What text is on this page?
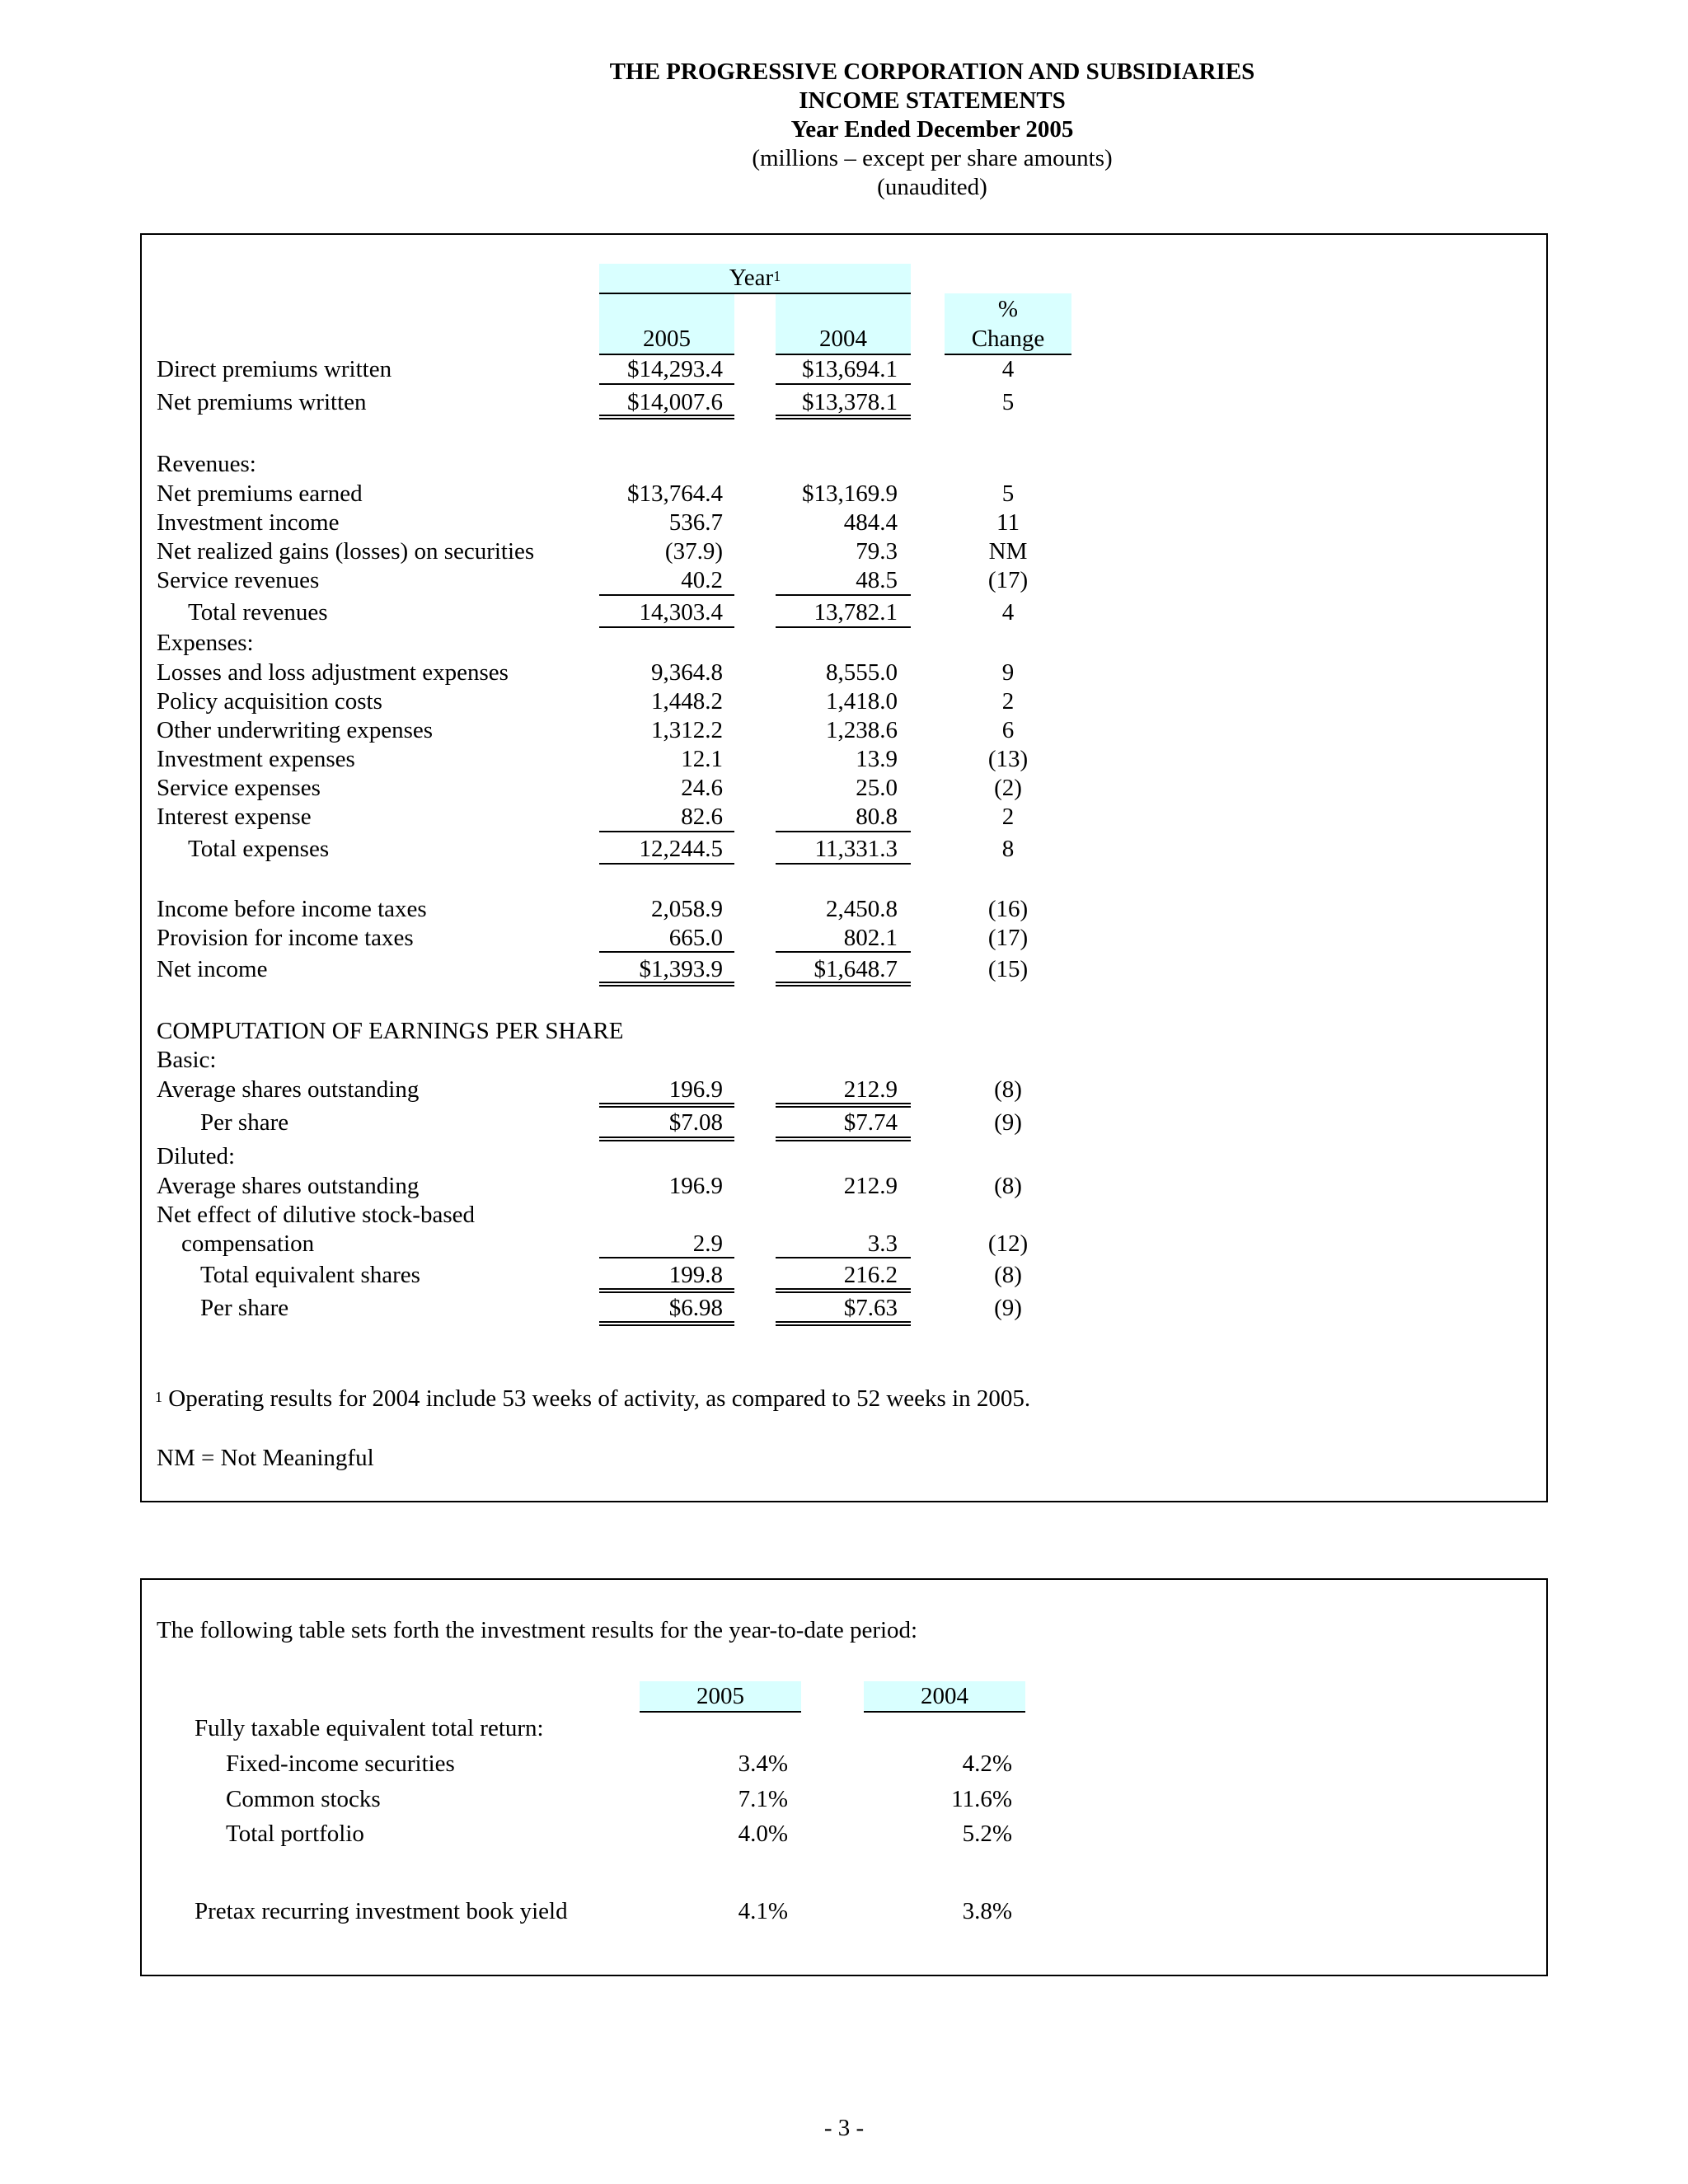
THE PROGRESSIVE CORPORATION AND SUBSIDIARIES
INCOME STATEMENTS
Year Ended December 2005
(millions – except per share amounts)
(unaudited)
Year$^1$
2005	2004
%
Change
Direct premiums written
Net premiums written
Revenues:
Net premiums earned
Investment income
Net realized gains (losses) on securities
Service revenues
Total revenues
Expenses:
Losses and loss adjustment expenses
Policy acquisition costs
Other underwriting expenses
Investment expenses
Service expenses
Interest expense
Total expenses
Income before income taxes
Provision for income taxes
Net income
COMPUTATION OF EARNINGS PER SHARE
Basic:
Average shares outstanding
Per share
Diluted:
Average shares outstanding
Net effect of dilutive stock-based
compensation
Total equivalent shares
Per share
$14,293.4
$14,007.6
$13,764.4
536.7
(37.9)
40.2
14,303.4
9,364.8
1,448.2
1,312.2
12.1
24.6
82.6
12,244.5
2,058.9
665.0
$1,393.9
196.9
$7.08
196.9
2.9
199.8
$6.98
$13,694.1
$13,378.1
$13,169.9
484.4
79.3
48.5
13,782.1
8,555.0
1,418.0
1,238.6
13.9
25.0
80.8
11,331.3
2,450.8
802.1
$1,648.7
212.9
$7.74
212.9
3.3
216.2
$7.63
4
5
5
11
NM
(17)
4
9
2
6
(13)
(2)
2
8
(16)
(17)
(15)
(8)
(9)
(8)
(12)
(8)
(9)
$^1$ Operating results for 2004 include 53 weeks of activity, as compared to 52 weeks in 2005.
NM = Not Meaningful
The following table sets forth the investment results for the year-to-date period:
2005	2004
Fully taxable equivalent total return:
Fixed-income securities
Common stocks
Total portfolio
Pretax recurring investment book yield
3.4%
7.1%
4.0%
4.1%
4.2%
11.6%
5.2%
3.8%
- 3 -
